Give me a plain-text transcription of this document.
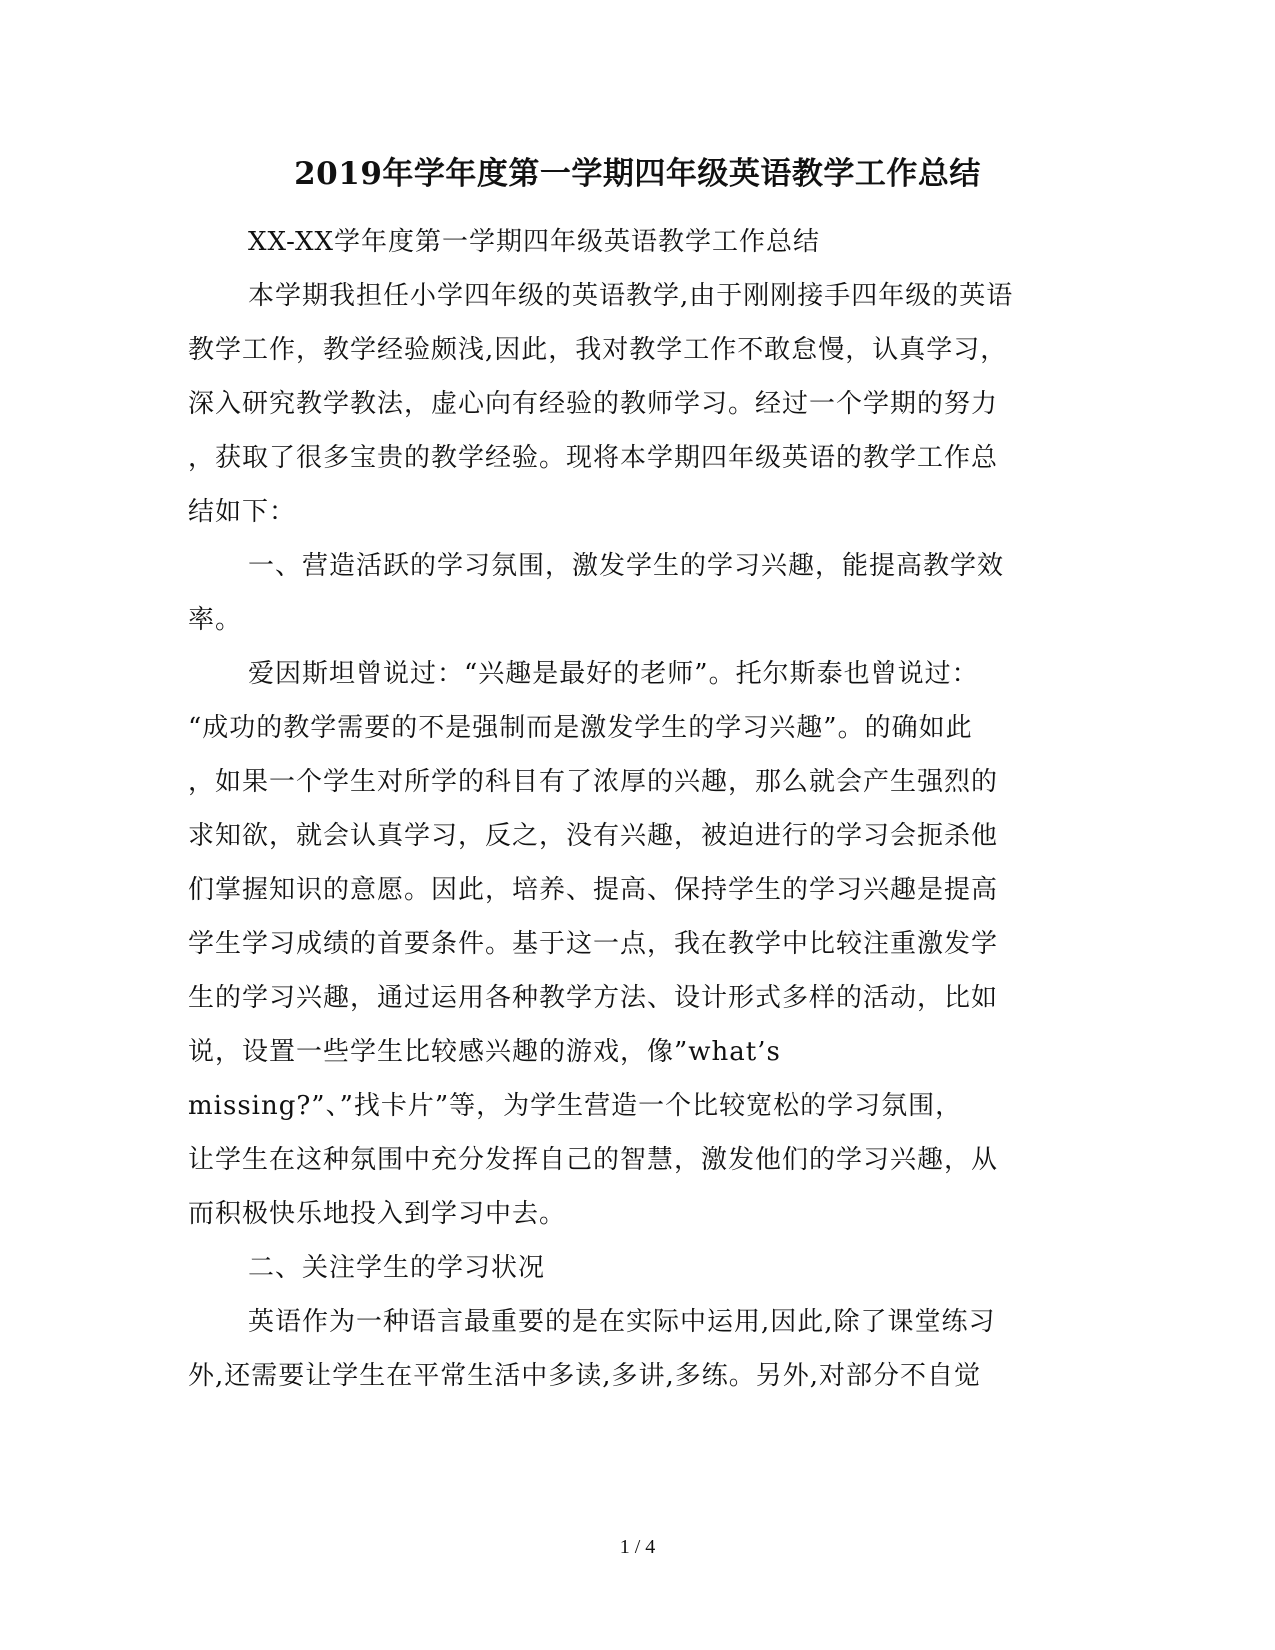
2019年学年度第一学期四年级英语教学工作总结
XX-XX学年度第一学期四年级英语教学工作总结
本学期我担任小学四年级的英语教学,由于刚刚接手四年级的英语
教学工作，教学经验颇浅,因此，我对教学工作不敢怠慢，认真学习，
深入研究教学教法，虚心向有经验的教师学习。经过一个学期的努力
，获取了很多宝贵的教学经验。现将本学期四年级英语的教学工作总
结如下：
一、营造活跃的学习氛围，激发学生的学习兴趣，能提高教学效
率。
爱因斯坦曾说过：“兴趣是最好的老师”。托尔斯泰也曾说过：
“成功的教学需要的不是强制而是激发学生的学习兴趣”。的确如此
，如果一个学生对所学的科目有了浓厚的兴趣，那么就会产生强烈的
求知欲，就会认真学习，反之，没有兴趣，被迫进行的学习会扼杀他
们掌握知识的意愿。因此，培养、提高、保持学生的学习兴趣是提高
学生学习成绩的首要条件。基于这一点，我在教学中比较注重激发学
生的学习兴趣，通过运用各种教学方法、设计形式多样的活动，比如
说，设置一些学生比较感兴趣的游戏，像”what’s
missing?”、”找卡片”等，为学生营造一个比较宽松的学习氛围，
让学生在这种氛围中充分发挥自己的智慧，激发他们的学习兴趣，从
而积极快乐地投入到学习中去。
二、关注学生的学习状况
英语作为一种语言最重要的是在实际中运用,因此,除了课堂练习
外,还需要让学生在平常生活中多读,多讲,多练。另外,对部分不自觉
1 / 4
